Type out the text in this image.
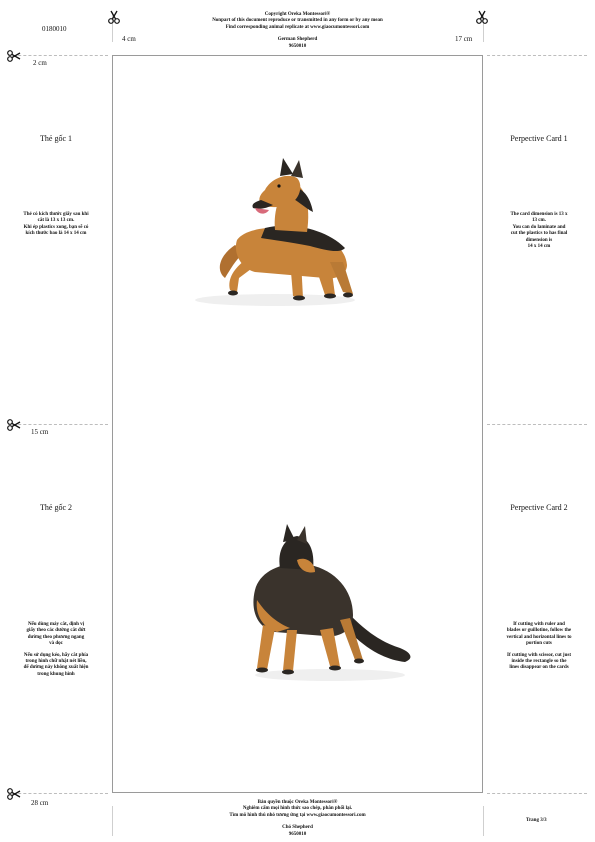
0180010
Copyright Oreka Montessori®
Nonpart of this document reproduce or transmitted in any form or by any mean
Find corresponding animal replicate at www.giaocumontessori.com
German Shepherd
9650010
4 cm	17 cm
2 cm
15 cm
28 cm
Thẻ gốc 1	Perpective Card 1
Thẻ có kích thước giấy sau khi
cắt là 13 x 13 cm.
Khi ép plastics xong, bạn sẽ có
kích thước bao là 14 x 14 cm
The card dimension is 13 x
13 cm.
You can do laminate and
cut the plastics to has final
dimension is
14 x 14 cm
Thẻ gốc 2	Perpective Card 2
Nếu dùng máy cắt, định vị
giấy theo các đường cắt đứt
đường theo phương ngang
và dọc
Nếu sử dụng kéo, hãy cắt phía
trong hình chữ nhật nét liền,
để đường này không xuất hiện
trong khung hình
If cutting with ruler and
blades or guillotine, follow the
vertical and horizontal lines to
portion cuts
If cutting with scissor, cut just
inside the rectangle so the
lines disappear on the cards
Bản quyền thuộc Oreka Montessori®
Nghiêm cấm mọi hình thức sao chép, phân phối lại.
Tìm mô hình thú nhỏ tương ứng tại www.giaocumontessori.com
Chó Shepherd
9650010
Trang 3/3
